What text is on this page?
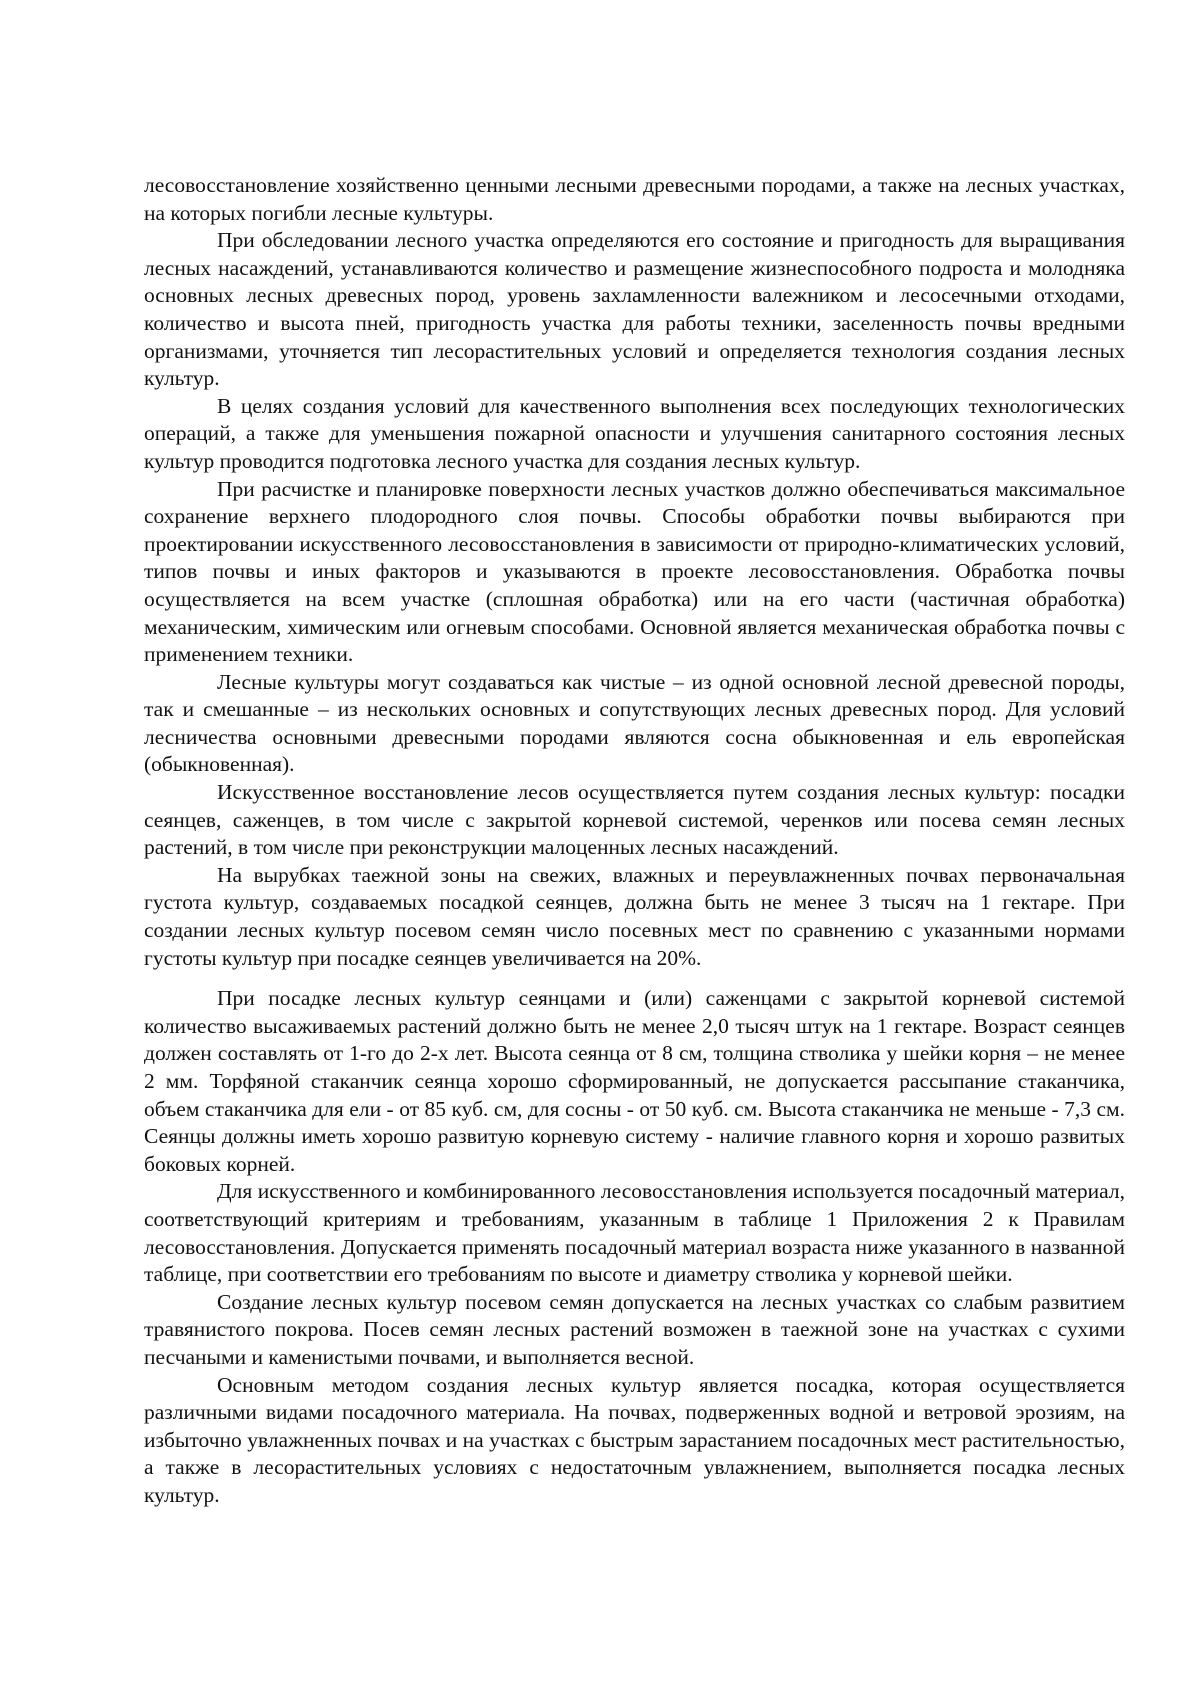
лесовосстановление хозяйственно ценными лесными древесными породами, а также на лесных участках, на которых погибли лесные культуры.

При обследовании лесного участка определяются его состояние и пригодность для выращивания лесных насаждений, устанавливаются количество и размещение жизнеспособного подроста и молодняка основных лесных древесных пород, уровень захламленности валежником и лесосечными отходами, количество и высота пней, пригодность участка для работы техники, заселенность почвы вредными организмами, уточняется тип лесорастительных условий и определяется технология создания лесных культур.

В целях создания условий для качественного выполнения всех последующих технологических операций, а также для уменьшения пожарной опасности и улучшения санитарного состояния лесных культур проводится подготовка лесного участка для создания лесных культур.

При расчистке и планировке поверхности лесных участков должно обеспечиваться максимальное сохранение верхнего плодородного слоя почвы. Способы обработки почвы выбираются при проектировании искусственного лесовосстановления в зависимости от природно-климатических условий, типов почвы и иных факторов и указываются в проекте лесовосстановления. Обработка почвы осуществляется на всем участке (сплошная обработка) или на его части (частичная обработка) механическим, химическим или огневым способами. Основной является механическая обработка почвы с применением техники.

Лесные культуры могут создаваться как чистые – из одной основной лесной древесной породы, так и смешанные – из нескольких основных и сопутствующих лесных древесных пород. Для условий лесничества основными древесными породами являются сосна обыкновенная и ель европейская (обыкновенная).

Искусственное восстановление лесов осуществляется путем создания лесных культур: посадки сеянцев, саженцев, в том числе с закрытой корневой системой, черенков или посева семян лесных растений, в том числе при реконструкции малоценных лесных насаждений.

На вырубках таежной зоны на свежих, влажных и переувлажненных почвах первоначальная густота культур, создаваемых посадкой сеянцев, должна быть не менее 3 тысяч на 1 гектаре. При создании лесных культур посевом семян число посевных мест по сравнению с указанными нормами густоты культур при посадке сеянцев увеличивается на 20%.

При посадке лесных культур сеянцами и (или) саженцами с закрытой корневой системой количество высаживаемых растений должно быть не менее 2,0 тысяч штук на 1 гектаре. Возраст сеянцев должен составлять от 1-го до 2-х лет. Высота сеянца от 8 см, толщина стволика у шейки корня – не менее 2 мм. Торфяной стаканчик сеянца хорошо сформированный, не допускается рассыпание стаканчика, объем стаканчика для ели - от 85 куб. см, для сосны - от 50 куб. см. Высота стаканчика не меньше - 7,3 см. Сеянцы должны иметь хорошо развитую корневую систему - наличие главного корня и хорошо развитых боковых корней.

Для искусственного и комбинированного лесовосстановления используется посадочный материал, соответствующий критериям и требованиям, указанным в таблице 1 Приложения 2 к Правилам лесовосстановления. Допускается применять посадочный материал возраста ниже указанного в названной таблице, при соответствии его требованиям по высоте и диаметру стволика у корневой шейки.

Создание лесных культур посевом семян допускается на лесных участках со слабым развитием травянистого покрова. Посев семян лесных растений возможен в таежной зоне на участках с сухими песчаными и каменистыми почвами, и выполняется весной.

Основным методом создания лесных культур является посадка, которая осуществляется различными видами посадочного материала. На почвах, подверженных водной и ветровой эрозиям, на избыточно увлажненных почвах и на участках с быстрым зарастанием посадочных мест растительностью, а также в лесорастительных условиях с недостаточным увлажнением, выполняется посадка лесных культур.
